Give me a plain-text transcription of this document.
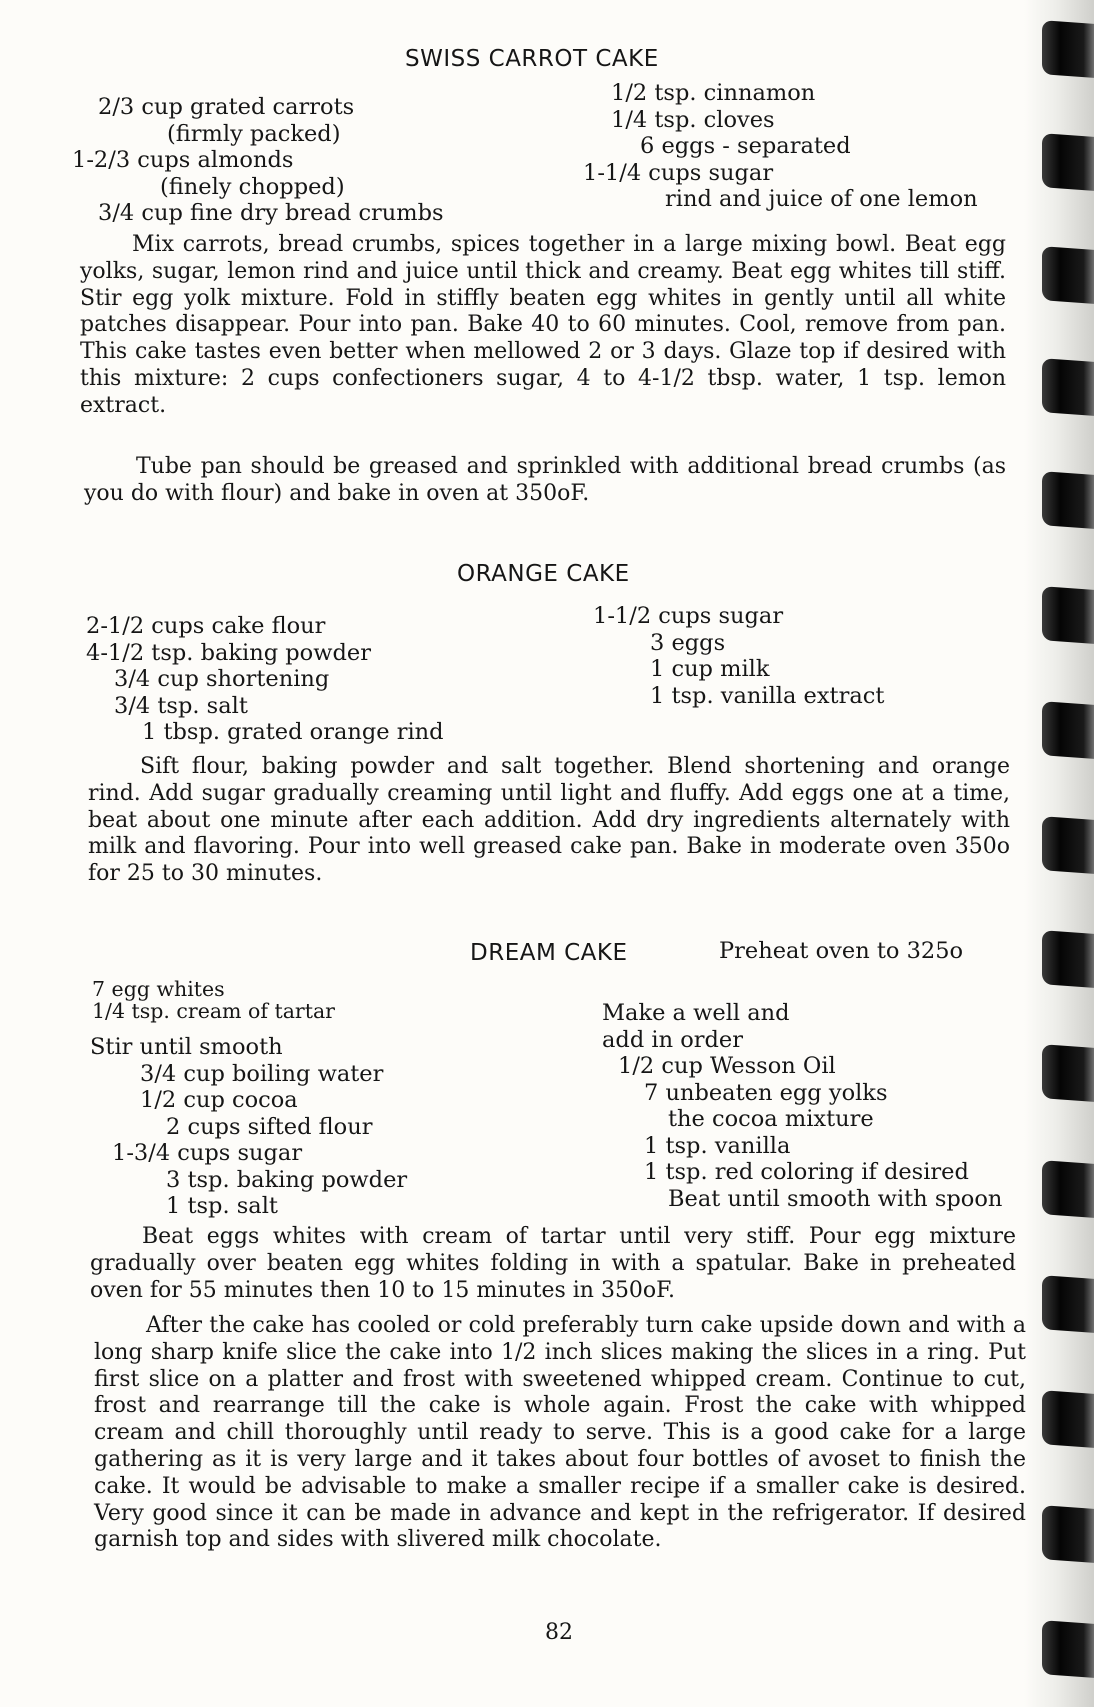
SWISS CARROT CAKE
2/3 cup grated carrots
(firmly packed)
1-2/3 cups almonds
(finely chopped)
3/4 cup fine dry bread crumbs
1/2 tsp. cinnamon
1/4 tsp. cloves
6 eggs - separated
1-1/4 cups sugar
rind and juice of one lemon
Mix carrots, bread crumbs, spices together in a large mixing bowl. Beat egg yolks, sugar, lemon rind and juice until thick and creamy. Beat egg whites till stiff. Stir egg yolk mixture. Fold in stiffly beaten egg whites in gently until all white patches disappear. Pour into pan. Bake 40 to 60 minutes. Cool, remove from pan. This cake tastes even better when mellowed 2 or 3 days. Glaze top if desired with this mixture: 2 cups confectioners sugar, 4 to 4-1/2 tbsp. water, 1 tsp. lemon extract.
Tube pan should be greased and sprinkled with additional bread crumbs (as you do with flour) and bake in oven at 350oF.
ORANGE CAKE
2-1/2 cups cake flour
4-1/2 tsp. baking powder
3/4 cup shortening
3/4 tsp. salt
1 tbsp. grated orange rind
1-1/2 cups sugar
3 eggs
1 cup milk
1 tsp. vanilla extract
Sift flour, baking powder and salt together. Blend shortening and orange rind. Add sugar gradually creaming until light and fluffy. Add eggs one at a time, beat about one minute after each addition. Add dry ingredients alternately with milk and flavoring. Pour into well greased cake pan. Bake in moderate oven 350o for 25 to 30 minutes.
DREAM CAKE	Preheat oven to 325o
7 egg whites
1/4 tsp. cream of tartar
Stir until smooth
3/4 cup boiling water
1/2 cup cocoa
2 cups sifted flour
1-3/4 cups sugar
3 tsp. baking powder
1 tsp. salt
Make a well and
add in order
1/2 cup Wesson Oil
7 unbeaten egg yolks
the cocoa mixture
1 tsp. vanilla
1 tsp. red coloring if desired
Beat until smooth with spoon
Beat eggs whites with cream of tartar until very stiff. Pour egg mixture gradually over beaten egg whites folding in with a spatular. Bake in preheated oven for 55 minutes then 10 to 15 minutes in 350oF.
After the cake has cooled or cold preferably turn cake upside down and with a long sharp knife slice the cake into 1/2 inch slices making the slices in a ring. Put first slice on a platter and frost with sweetened whipped cream. Continue to cut, frost and rearrange till the cake is whole again. Frost the cake with whipped cream and chill thoroughly until ready to serve. This is a good cake for a large gathering as it is very large and it takes about four bottles of avoset to finish the cake. It would be advisable to make a smaller recipe if a smaller cake is desired. Very good since it can be made in advance and kept in the refrigerator. If desired garnish top and sides with slivered milk chocolate.
82
